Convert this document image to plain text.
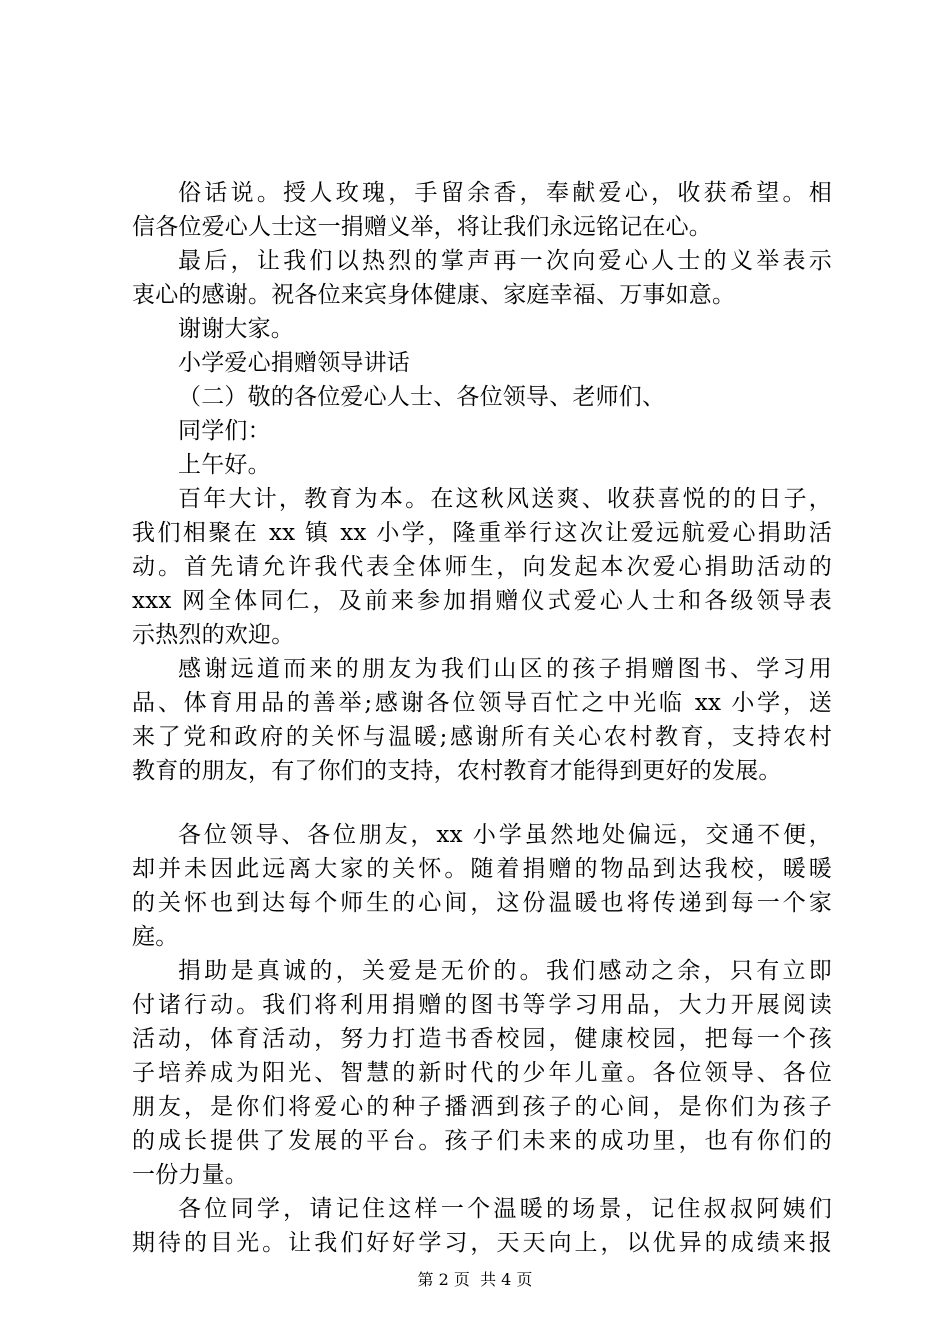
俗话说。授人玫瑰，手留余香，奉献爱心，收获希望。相
信各位爱心人士这一捐赠义举，将让我们永远铭记在心。
最后，让我们以热烈的掌声再一次向爱心人士的义举表示
衷心的感谢。祝各位来宾身体健康、家庭幸福、万事如意。
谢谢大家。
小学爱心捐赠领导讲话
（二）敬的各位爱心人士、各位领导、老师们、
同学们：
上午好。
百年大计，教育为本。在这秋风送爽、收获喜悦的的日子，
我们相聚在 xx 镇 xx 小学，隆重举行这次让爱远航爱心捐助活
动。首先请允许我代表全体师生，向发起本次爱心捐助活动的
xxx 网全体同仁，及前来参加捐赠仪式爱心人士和各级领导表
示热烈的欢迎。
感谢远道而来的朋友为我们山区的孩子捐赠图书、学习用
品、体育用品的善举;感谢各位领导百忙之中光临 xx 小学，送
来了党和政府的关怀与温暖;感谢所有关心农村教育，支持农村
教育的朋友，有了你们的支持，农村教育才能得到更好的发展。
各位领导、各位朋友，xx 小学虽然地处偏远，交通不便，
却并未因此远离大家的关怀。随着捐赠的物品到达我校，暖暖
的关怀也到达每个师生的心间，这份温暖也将传递到每一个家
庭。
捐助是真诚的，关爱是无价的。我们感动之余，只有立即
付诸行动。我们将利用捐赠的图书等学习用品，大力开展阅读
活动，体育活动，努力打造书香校园，健康校园，把每一个孩
子培养成为阳光、智慧的新时代的少年儿童。各位领导、各位
朋友，是你们将爱心的种子播洒到孩子的心间，是你们为孩子
的成长提供了发展的平台。孩子们未来的成功里，也有你们的
一份力量。
各位同学，请记住这样一个温暖的场景，记住叔叔阿姨们
期待的目光。让我们好好学习，天天向上，以优异的成绩来报
第 2 页  共 4 页
